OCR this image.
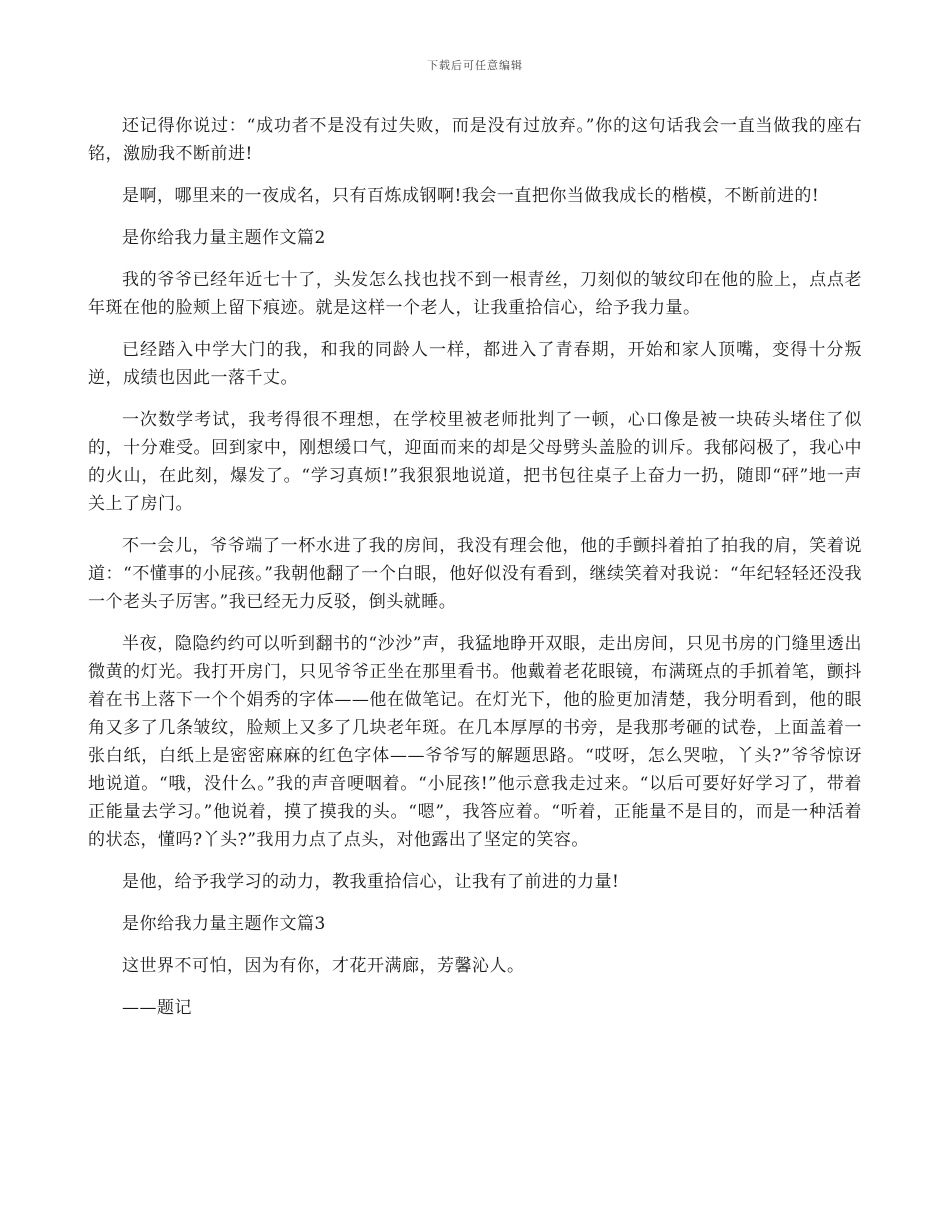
下载后可任意编辑

还记得你说过：“成功者不是没有过失败，而是没有过放弃。”你的这句话我会一直当做我的座右铭，激励我不断前进!

是啊，哪里来的一夜成名，只有百炼成钢啊!我会一直把你当做我成长的楷模，不断前进的!

是你给我力量主题作文篇2

我的爷爷已经年近七十了，头发怎么找也找不到一根青丝，刀刻似的皱纹印在他的脸上，点点老年斑在他的脸颊上留下痕迹。就是这样一个老人，让我重拾信心，给予我力量。

已经踏入中学大门的我，和我的同龄人一样，都进入了青春期，开始和家人顶嘴，变得十分叛逆，成绩也因此一落千丈。

一次数学考试，我考得很不理想，在学校里被老师批判了一顿，心口像是被一块砖头堵住了似的，十分难受。回到家中，刚想缓口气，迎面而来的却是父母劈头盖脸的训斥。我郁闷极了，我心中的火山，在此刻，爆发了。“学习真烦!”我狠狠地说道，把书包往桌子上奋力一扔，随即“砰”地一声关上了房门。

不一会儿，爷爷端了一杯水进了我的房间，我没有理会他，他的手颤抖着拍了拍我的肩，笑着说道：“不懂事的小屁孩。”我朝他翻了一个白眼，他好似没有看到，继续笑着对我说：“年纪轻轻还没我一个老头子厉害。”我已经无力反驳，倒头就睡。

半夜，隐隐约约可以听到翻书的“沙沙”声，我猛地睁开双眼，走出房间，只见书房的门缝里透出微黄的灯光。我打开房门，只见爷爷正坐在那里看书。他戴着老花眼镜，布满斑点的手抓着笔，颤抖着在书上落下一个个娟秀的字体——他在做笔记。在灯光下，他的脸更加清楚，我分明看到，他的眼角又多了几条皱纹，脸颊上又多了几块老年斑。在几本厚厚的书旁，是我那考砸的试卷，上面盖着一张白纸，白纸上是密密麻麻的红色字体——爷爷写的解题思路。“哎呀，怎么哭啦，丫头?”爷爷惊讶地说道。“哦，没什么。”我的声音哽咽着。“小屁孩!”他示意我走过来。“以后可要好好学习了，带着正能量去学习。”他说着，摸了摸我的头。“嗯”，我答应着。“听着，正能量不是目的，而是一种活着的状态，懂吗?丫头?”我用力点了点头，对他露出了坚定的笑容。

是他，给予我学习的动力，教我重拾信心，让我有了前进的力量!

是你给我力量主题作文篇3

这世界不可怕，因为有你，才花开满廊，芳馨沁人。

——题记
